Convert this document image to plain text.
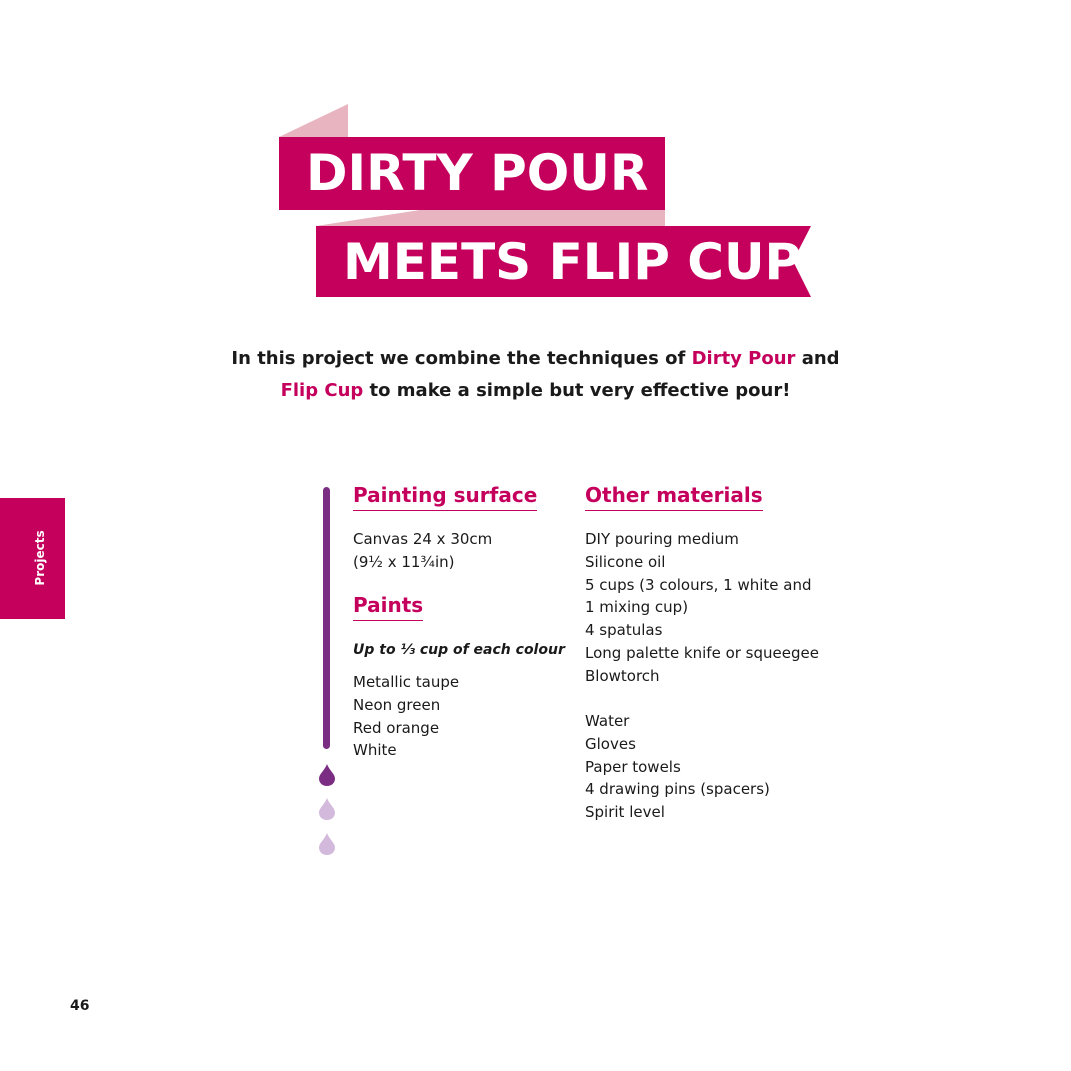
DIRTY POUR
MEETS FLIP CUP
In this project we combine the techniques of Dirty Pour and
Flip Cup to make a simple but very effective pour!
Projects
Painting surface
Canvas 24 x 30cm
(9½ x 11¾in)
Paints
Up to ⅓ cup of each colour
Metallic taupe
Neon green
Red orange
White
Other materials
DIY pouring medium
Silicone oil
5 cups (3 colours, 1 white and
1 mixing cup)
4 spatulas
Long palette knife or squeegee
Blowtorch
Water
Gloves
Paper towels
4 drawing pins (spacers)
Spirit level
46
